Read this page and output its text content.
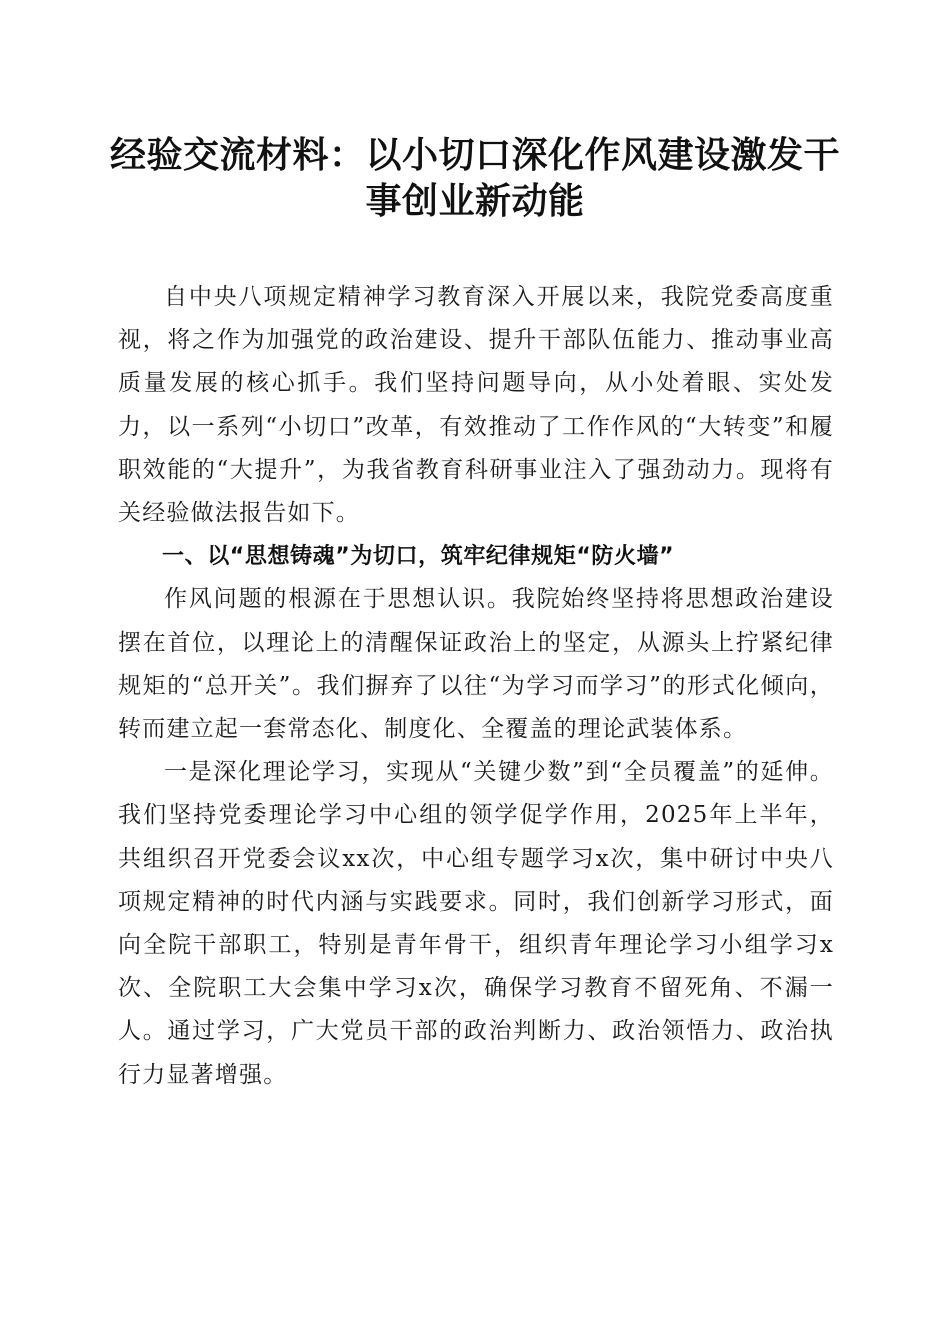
经验交流材料：以小切口深化作风建设激发干事创业新动能

自中央八项规定精神学习教育深入开展以来，我院党委高度重视，将之作为加强党的政治建设、提升干部队伍能力、推动事业高质量发展的核心抓手。我们坚持问题导向，从小处着眼、实处发力，以一系列“小切口”改革，有效推动了工作作风的“大转变”和履职效能的“大提升”，为我省教育科研事业注入了强劲动力。现将有关经验做法报告如下。

一、以“思想铸魂”为切口，筑牢纪律规矩“防火墙”

作风问题的根源在于思想认识。我院始终坚持将思想政治建设摆在首位，以理论上的清醒保证政治上的坚定，从源头上拧紧纪律规矩的“总开关”。我们摒弃了以往“为学习而学习”的形式化倾向，转而建立起一套常态化、制度化、全覆盖的理论武装体系。

一是深化理论学习，实现从“关键少数”到“全员覆盖”的延伸。我们坚持党委理论学习中心组的领学促学作用，2025年上半年，共组织召开党委会议xx次，中心组专题学习x次，集中研讨中央八项规定精神的时代内涵与实践要求。同时，我们创新学习形式，面向全院干部职工，特别是青年骨干，组织青年理论学习小组学习x次、全院职工大会集中学习x次，确保学习教育不留死角、不漏一人。通过学习，广大党员干部的政治判断力、政治领悟力、政治执行力显著增强。
